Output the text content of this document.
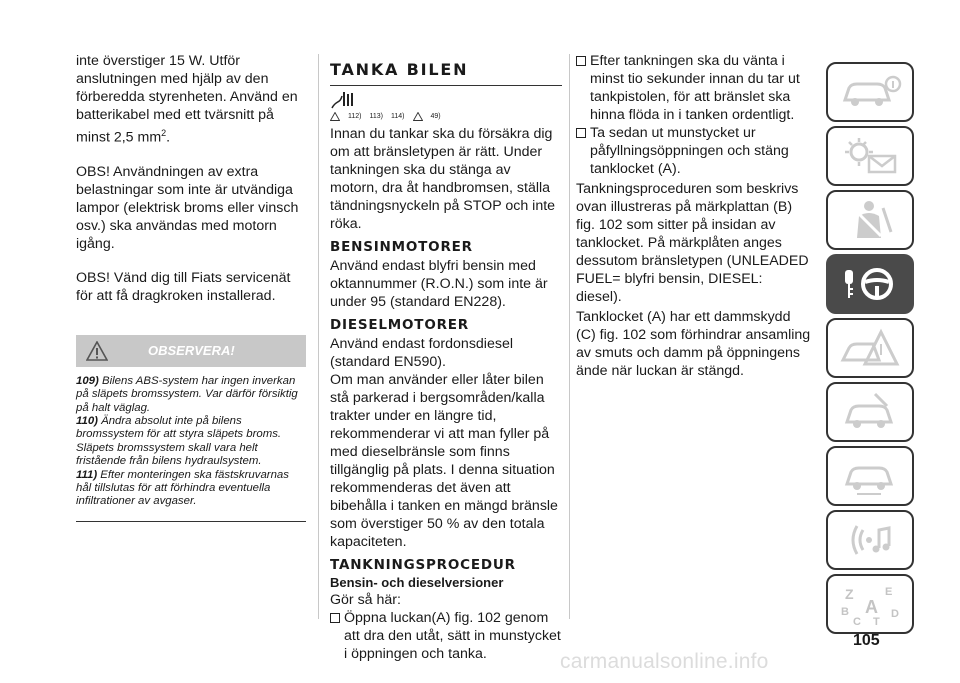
inte överstiger 15 W. Utför anslutningen med hjälp av den förberedda styrenheten. Använd en batterikabel med ett tvärsnitt på minst 2,5 $mm^2$.

OBS! Användningen av extra belastningar som inte är utvändiga lampor (elektrisk broms eller vinsch osv.) ska användas med motorn igång.

OBS! Vänd dig till Fiats servicenät för att få dragkroken installerad.

OBSERVERA!

109) Bilens ABS-system har ingen inverkan på släpets bromssystem. Var därför försiktig på halt väglag.

110) Ändra absolut inte på bilens bromssystem för att styra släpets broms. Släpets bromssystem skall vara helt fristående från bilens hydraulsystem.

111) Efter monteringen ska fästskruvarnas hål tillslutas för att förhindra eventuella infiltrationer av avgaser.

TANKA BILEN
112) 113) 114)	49)

Innan du tankar ska du försäkra dig om att bränsletypen är rätt. Under tankningen ska du stänga av motorn, dra åt handbromsen, ställa tändningsnyckeln på STOP och inte röka.

BENSINMOTORER

Använd endast blyfri bensin med oktannummer (R.O.N.) som inte är under 95 (standard EN228).

DIESELMOTORER

Använd endast fordonsdiesel (standard EN590).

Om man använder eller låter bilen stå parkerad i bergsområden/kalla trakter under en längre tid, rekommenderar vi att man fyller på med dieselbränsle som finns tillgänglig på plats. I denna situation rekommenderas det även att bibehålla i tanken en mängd bränsle som överstiger 50 % av den totala kapaciteten.

TANKNINGSPROCEDUR
Bensin- och dieselversioner

Gör så här:

Öppna luckan(A) fig. 102 genom att dra den utåt, sätt in munstycket i öppningen och tanka.

Efter tankningen ska du vänta i minst tio sekunder innan du tar ut tankpistolen, för att bränslet ska hinna flöda in i tanken ordentligt.

Ta sedan ut munstycket ur påfyllningsöppningen och stäng tanklocket (A).

Tankningsproceduren som beskrivs ovan illustreras på märkplattan (B) fig. 102 som sitter på insidan av tanklocket. På märkplåten anges dessutom bränsletypen (UNLEADED FUEL= blyfri bensin, DIESEL: diesel).

Tanklocket (A) har ett dammskydd (C) fig. 102 som förhindrar ansamling av smuts och damm på öppningens ände när luckan är stängd.

Z	E
B A
C T
D
105
carmanualsonline.info
